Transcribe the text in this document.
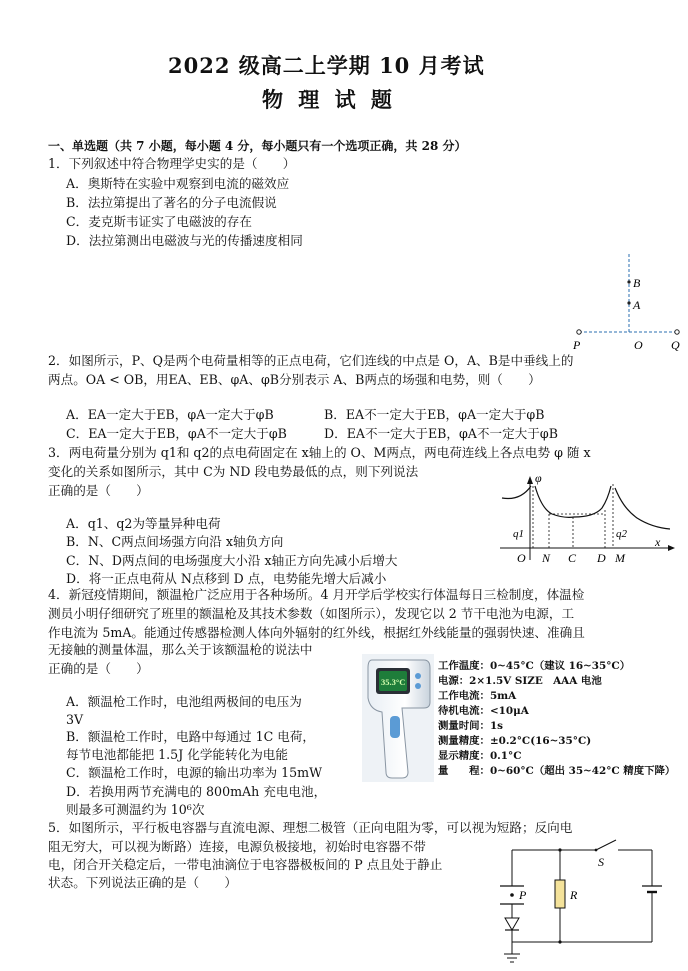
2022 级高二上学期 10 月考试
物 理 试 题
一、单选题（共 7 小题，每小题 4 分，每小题只有一个选项正确，共 28 分）
1．下列叙述中符合物理学史实的是（　　）
A．奥斯特在实验中观察到电流的磁效应
B．法拉第提出了著名的分子电流假说
C．麦克斯韦证实了电磁波的存在
D．法拉第测出电磁波与光的传播速度相同
B
A
P	O Q
2．如图所示，P、Q是两个电荷量相等的正点电荷，它们连线的中点是 O，A、B是中垂线上的
两点。OA < OB，用EA、EB、φA、φB分别表示 A、B两点的场强和电势，则（　　）
A．EA一定大于EB，φA一定大于φB	B．EA不一定大于EB，φA一定大于φB
C．EA一定大于EB，φA不一定大于φB	D．EA不一定大于EB，φA不一定大于φB
3．两电荷量分别为 q1和 q2的点电荷固定在 x轴上的 O、M两点，两电荷连线上各点电势 φ 随 x
变化的关系如图所示，其中 C为 ND 段电势最低的点，则下列说法
正确的是（　　）
A．q1、q2为等量异种电荷
B．N、C两点间场强方向沿 x轴负方向
C．N、D两点间的电场强度大小沿 x轴正方向先减小后增大
D．将一正点电荷从 N点移到 D 点，电势能先增大后减小
φ
q1	q2
O N C D M
x
4．新冠疫情期间，额温枪广泛应用于各种场所。4 月开学后学校实行体温每日三检制度，体温检
测员小明仔细研究了班里的额温枪及其技术参数（如图所示），发现它以 2 节干电池为电源，工
作电流为 5mA。能通过传感器检测人体向外辐射的红外线，根据红外线能量的强弱快速、准确且
无接触的测量体温，那么关于该额温枪的说法中
正确的是（　　）
A．额温枪工作时，电池组两极间的电压为
3V
B．额温枪工作时，电路中每通过 1C 电荷，
每节电池都能把 1.5J 化学能转化为电能
C．额温枪工作时，电源的输出功率为 15mW
D．若换用两节充满电的 800mAh 充电电池，
则最多可测温约为 10⁶次
35.3°C
工作温度：0~45°C（建议 16~35°C）
电源：2×1.5V SIZE　AAA 电池
工作电流：5mA
待机电流：<10μA
测量时间：1s
测量精度：±0.2°C(16~35°C)
显示精度：0.1°C
量　　程：0~60°C（超出 35~42°C 精度下降）
5．如图所示，平行板电容器与直流电源、理想二极管（正向电阻为零，可以视为短路；反向电
阻无穷大，可以视为断路）连接，电源负极接地，初始时电容器不带
电，闭合开关稳定后，一带电油滴位于电容器极板间的 P 点且处于静止
状态。下列说法正确的是（　　）
S
P	R
